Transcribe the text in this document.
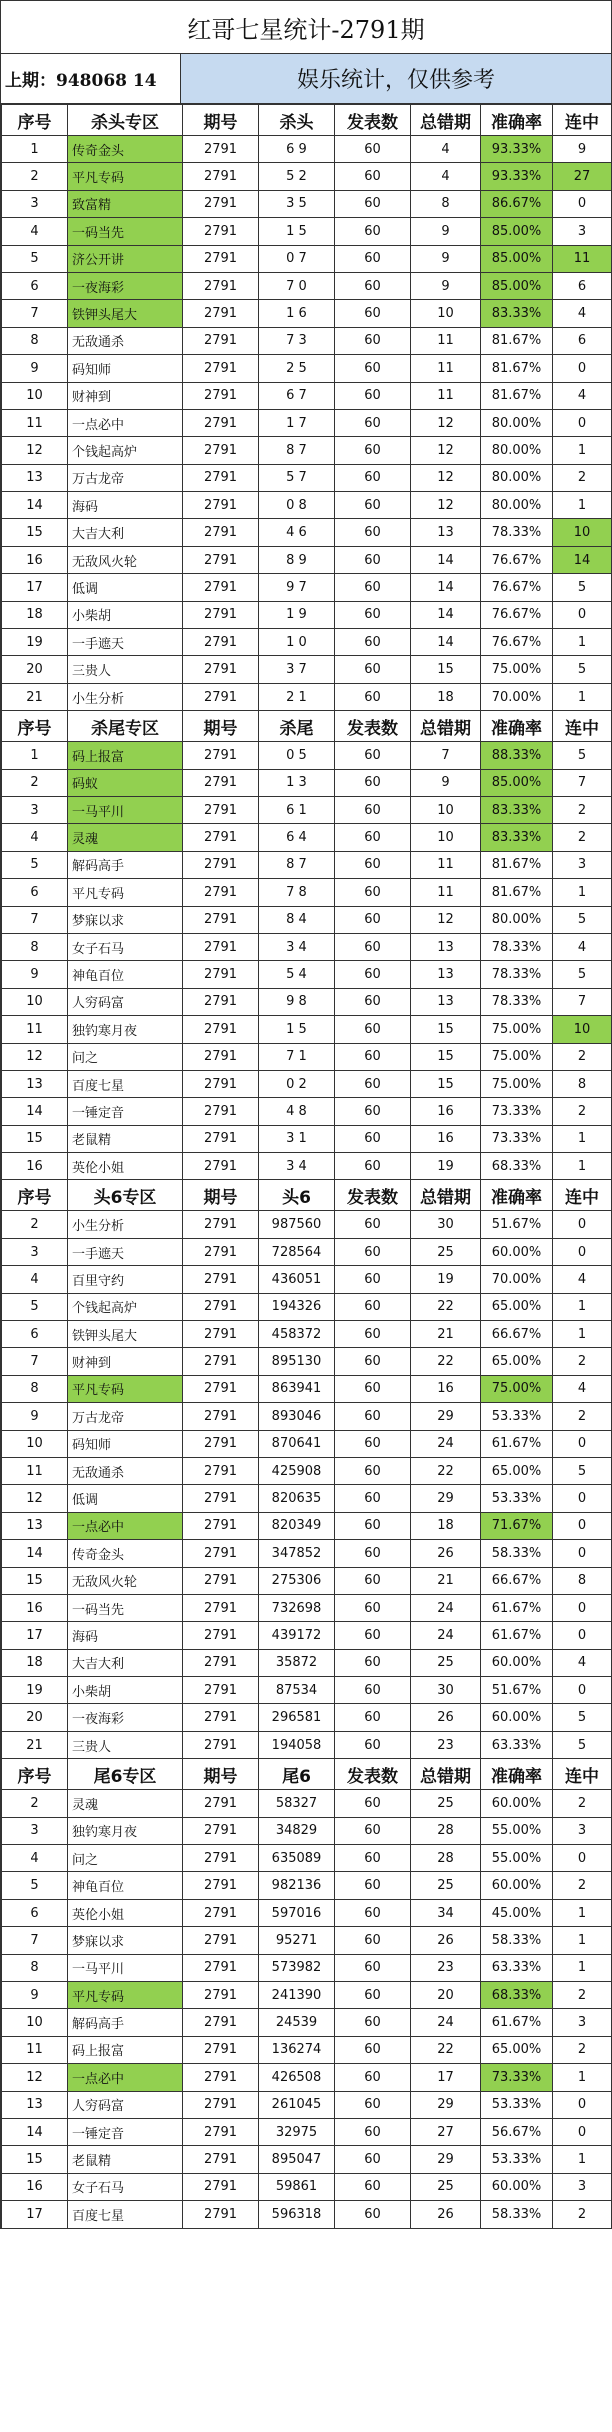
红哥七星统计-2791期
上期：948068 14	娱乐统计，仅供参考
序号	杀头专区	期号	杀头	发表数	总错期	准确率	连中
1	传奇金头	2791	6 9	60	4	93.33%	9
2	平凡专码	2791	5 2	60	4	93.33%	27
3	致富精	2791	3 5	60	8	86.67%	0
4	一码当先	2791	1 5	60	9	85.00%	3
5	济公开讲	2791	0 7	60	9	85.00%	11
6	一夜海彩	2791	7 0	60	9	85.00%	6
7	铁钾头尾大	2791	1 6	60	10	83.33%	4
8	无敌通杀	2791	7 3	60	11	81.67%	6
9	码知师	2791	2 5	60	11	81.67%	0
10	财神到	2791	6 7	60	11	81.67%	4
11	一点必中	2791	1 7	60	12	80.00%	0
12	个钱起高炉	2791	8 7	60	12	80.00%	1
13	万古龙帝	2791	5 7	60	12	80.00%	2
14	海码	2791	0 8	60	12	80.00%	1
15	大吉大利	2791	4 6	60	13	78.33%	10
16	无敌风火轮	2791	8 9	60	14	76.67%	14
17	低调	2791	9 7	60	14	76.67%	5
18	小柴胡	2791	1 9	60	14	76.67%	0
19	一手遮天	2791	1 0	60	14	76.67%	1
20	三贵人	2791	3 7	60	15	75.00%	5
21	小生分析	2791	2 1	60	18	70.00%	1
序号	杀尾专区	期号	杀尾	发表数	总错期	准确率	连中
1	码上报富	2791	0 5	60	7	88.33%	5
2	码蚁	2791	1 3	60	9	85.00%	7
3	一马平川	2791	6 1	60	10	83.33%	2
4	灵魂	2791	6 4	60	10	83.33%	2
5	解码高手	2791	8 7	60	11	81.67%	3
6	平凡专码	2791	7 8	60	11	81.67%	1
7	梦寐以求	2791	8 4	60	12	80.00%	5
8	女子石马	2791	3 4	60	13	78.33%	4
9	神龟百位	2791	5 4	60	13	78.33%	5
10	人穷码富	2791	9 8	60	13	78.33%	7
11	独钓寒月夜	2791	1 5	60	15	75.00%	10
12	问之	2791	7 1	60	15	75.00%	2
13	百度七星	2791	0 2	60	15	75.00%	8
14	一锤定音	2791	4 8	60	16	73.33%	2
15	老鼠精	2791	3 1	60	16	73.33%	1
16	英伦小姐	2791	3 4	60	19	68.33%	1
序号	头6专区	期号	头6	发表数	总错期	准确率	连中
2	小生分析	2791	987560	60	30	51.67%	0
3	一手遮天	2791	728564	60	25	60.00%	0
4	百里守约	2791	436051	60	19	70.00%	4
5	个钱起高炉	2791	194326	60	22	65.00%	1
6	铁钾头尾大	2791	458372	60	21	66.67%	1
7	财神到	2791	895130	60	22	65.00%	2
8	平凡专码	2791	863941	60	16	75.00%	4
9	万古龙帝	2791	893046	60	29	53.33%	2
10	码知师	2791	870641	60	24	61.67%	0
11	无敌通杀	2791	425908	60	22	65.00%	5
12	低调	2791	820635	60	29	53.33%	0
13	一点必中	2791	820349	60	18	71.67%	0
14	传奇金头	2791	347852	60	26	58.33%	0
15	无敌风火轮	2791	275306	60	21	66.67%	8
16	一码当先	2791	732698	60	24	61.67%	0
17	海码	2791	439172	60	24	61.67%	0
18	大吉大利	2791	35872	60	25	60.00%	4
19	小柴胡	2791	87534	60	30	51.67%	0
20	一夜海彩	2791	296581	60	26	60.00%	5
21	三贵人	2791	194058	60	23	63.33%	5
序号	尾6专区	期号	尾6	发表数	总错期	准确率	连中
2	灵魂	2791	58327	60	25	60.00%	2
3	独钓寒月夜	2791	34829	60	28	55.00%	3
4	问之	2791	635089	60	28	55.00%	0
5	神龟百位	2791	982136	60	25	60.00%	2
6	英伦小姐	2791	597016	60	34	45.00%	1
7	梦寐以求	2791	95271	60	26	58.33%	1
8	一马平川	2791	573982	60	23	63.33%	1
9	平凡专码	2791	241390	60	20	68.33%	2
10	解码高手	2791	24539	60	24	61.67%	3
11	码上报富	2791	136274	60	22	65.00%	2
12	一点必中	2791	426508	60	17	73.33%	1
13	人穷码富	2791	261045	60	29	53.33%	0
14	一锤定音	2791	32975	60	27	56.67%	0
15	老鼠精	2791	895047	60	29	53.33%	1
16	女子石马	2791	59861	60	25	60.00%	3
17	百度七星	2791	596318	60	26	58.33%	2
